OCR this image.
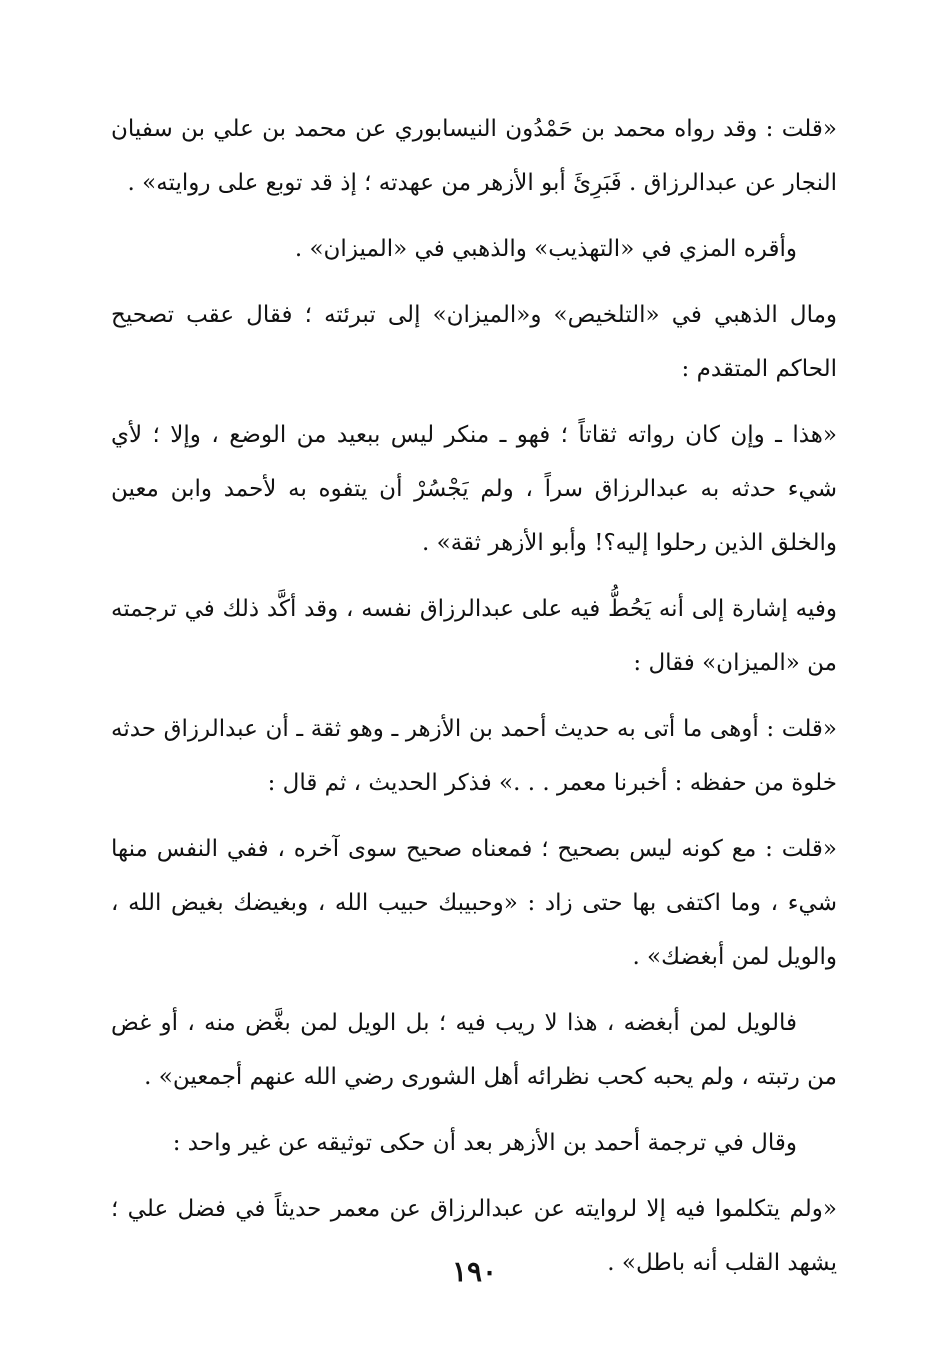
«قلت : وقد رواه محمد بن حَمْدُون النيسابوري عن محمد بن علي بن سفيان النجار عن عبدالرزاق . فَبَرِئَ أبو الأزهر من عهدته ؛ إذ قد توبع على روايته» .

وأقره المزي في «التهذيب» والذهبي في «الميزان» .

ومال الذهبي في «التلخيص» و«الميزان» إلى تبرئته ؛ فقال عقب تصحيح الحاكم المتقدم :

«هذا ـ وإن كان رواته ثقاتاً ؛ فهو ـ منكر ليس ببعيد من الوضع ، وإلا ؛ لأي شيء حدثه به عبدالرزاق سراً ، ولم يَجْسُرْ أن يتفوه به لأحمد وابن معين والخلق الذين رحلوا إليه؟! وأبو الأزهر ثقة» .

وفيه إشارة إلى أنه يَحُطُّ فيه على عبدالرزاق نفسه ، وقد أكَّد ذلك في ترجمته من «الميزان» فقال :

«قلت : أوهى ما أتى به حديث أحمد بن الأزهر ـ وهو ثقة ـ أن عبدالرزاق حدثه خلوة من حفظه : أخبرنا معمر . . .» فذكر الحديث ، ثم قال :

«قلت : مع كونه ليس بصحيح ؛ فمعناه صحيح سوى آخره ، ففي النفس منها شيء ، وما اكتفى بها حتى زاد : «وحبيبك حبيب الله ، وبغيضك بغيض الله ، والويل لمن أبغضك» .

فالويل لمن أبغضه ، هذا لا ريب فيه ؛ بل الويل لمن بغَّض منه ، أو غض من رتبته ، ولم يحبه كحب نظرائه أهل الشورى رضي الله عنهم أجمعين» .

وقال في ترجمة أحمد بن الأزهر بعد أن حكى توثيقه عن غير واحد :

«ولم يتكلموا فيه إلا لروايته عن عبدالرزاق عن معمر حديثاً في فضل علي ؛ يشهد القلب أنه باطل» .

١٩٠
